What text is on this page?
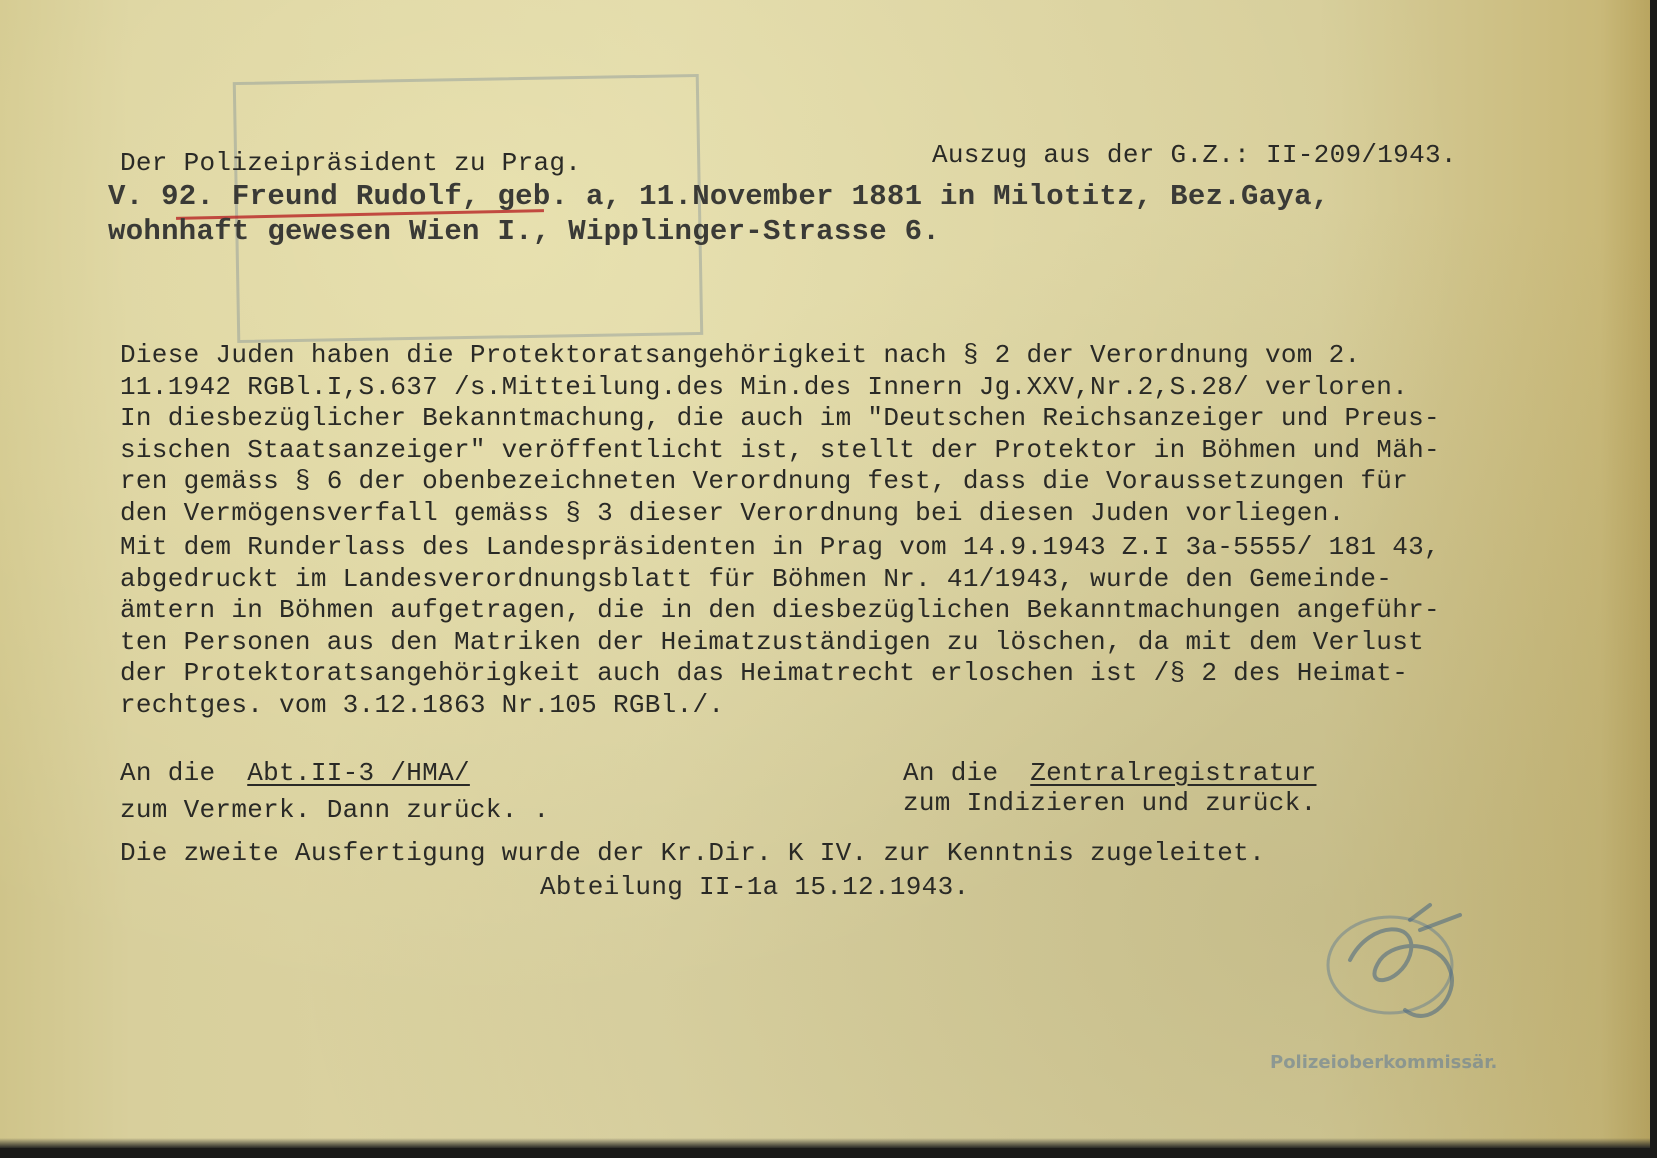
Der Polizeipräsident zu Prag.	Auszug aus der G.Z.: II-209/1943.
V. 92. Freund Rudolf, geb. a, 11.November 1881 in Milotitz, Bez.Gaya,
wohnhaft gewesen Wien I., Wipplinger-Strasse 6.
Diese Juden haben die Protektoratsangehörigkeit nach § 2 der Verordnung vom 2.
11.1942 RGBl.I,S.637 /s.Mitteilung.des Min.des Innern Jg.XXV,Nr.2,S.28/ verloren.
In diesbezüglicher Bekanntmachung, die auch im "Deutschen Reichsanzeiger und Preus-
sischen Staatsanzeiger" veröffentlicht ist, stellt der Protektor in Böhmen und Mäh-
ren gemäss § 6 der obenbezeichneten Verordnung fest, dass die Voraussetzungen für
den Vermögensverfall gemäss § 3 dieser Verordnung bei diesen Juden vorliegen.
Mit dem Runderlass des Landespräsidenten in Prag vom 14.9.1943 Z.I 3a-5555/ 181 43,
abgedruckt im Landesverordnungsblatt für Böhmen Nr. 41/1943, wurde den Gemeinde-
ämtern in Böhmen aufgetragen, die in den diesbezüglichen Bekanntmachungen angeführ-
ten Personen aus den Matriken der Heimatzuständigen zu löschen, da mit dem Verlust
der Protektoratsangehörigkeit auch das Heimatrecht erloschen ist /§ 2 des Heimat-
rechtges. vom 3.12.1863 Nr.105 RGBl./.
An die Abt.II-3 /HMA/
zum Vermerk. Dann zurück. .
An die Zentralregistratur
zum Indizieren und zurück.
Die zweite Ausfertigung wurde der Kr.Dir. K IV. zur Kenntnis zugeleitet.
Abteilung II-1a 15.12.1943.
Polizeioberkommissär.
